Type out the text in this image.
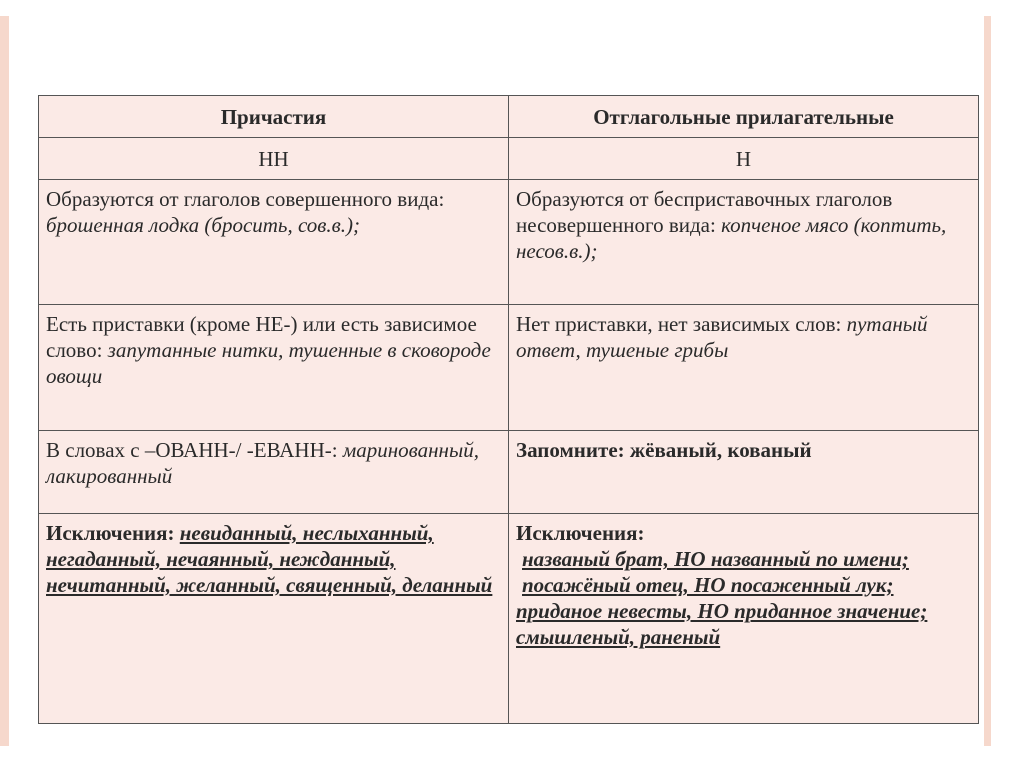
Причастия	Отглагольные прилагательные
НН	Н
Образуются от глаголов совершенного вида: брошенная лодка (бросить, сов.в.);	Образуются от бесприставочных глаголов несовершенного вида: копченое мясо (коптить, несов.в.);
Есть приставки (кроме НЕ-) или есть зависимое слово: запутанные нитки, тушенные в сковороде овощи	Нет приставки, нет зависимых слов: путаный ответ, тушеные грибы
В словах с –ОВАНН-/ -ЕВАНН-: маринованный, лакированный	Запомните: жёваный, кованый
Исключения: невиданный, неслыханный, негаданный, нечаянный, нежданный, нечитанный, желанный, священный, деланный	Исключения:
названый брат, НО названный по имени; посажёный отец, НО посаженный лук;
приданое невесты, НО приданное значение; смышленый, раненый
